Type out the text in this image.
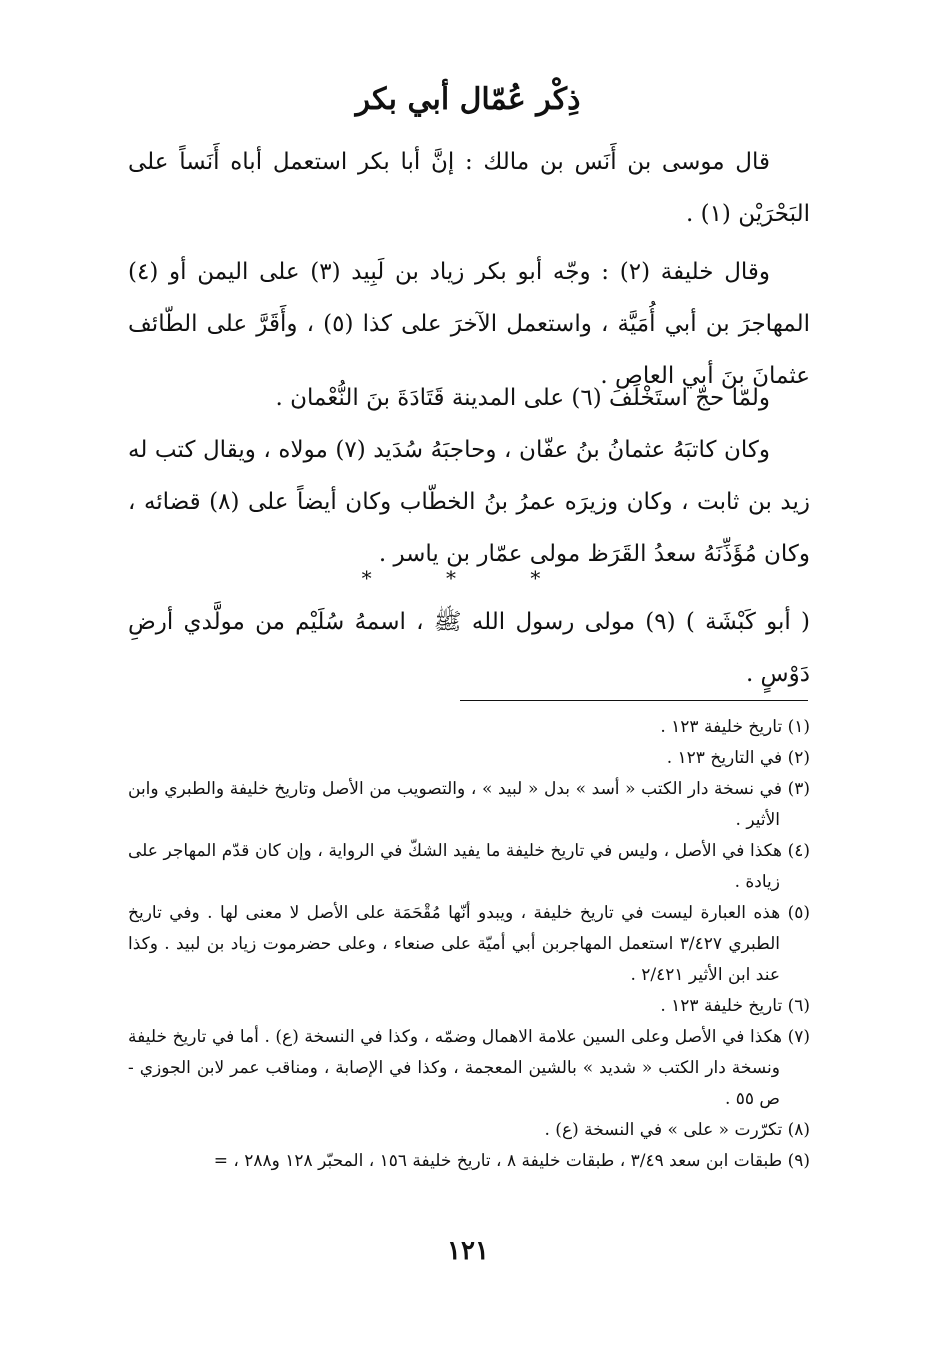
ذِكْر عُمّال أبي بكر

قال موسى بن أَنَس بن مالك : إنَّ أبا بكر استعمل أباه أَنَساً على البَحْرَيْن (١) .

وقال خليفة (٢) : وجّه أبو بكر زياد بن لَبِيد (٣) على اليمن أو (٤) المهاجرَ بن أبي أُمَيَّة ، واستعمل الآخرَ على كذا (٥) ، وأَقَرَّ على الطّائف عثمانَ بنَ أبي العاص .

ولمّا حجّ استَخْلَفَ (٦) على المدينة قَتَادَةَ بنَ النُّعْمان .

وكان كاتبَهُ عثمانُ بنُ عفّان ، وحاجبَهُ سُدَيد (٧) مولاه ، ويقال كتب له زيد بن ثابت ، وكان وزيرَه عمرُ بنُ الخطّاب وكان أيضاً على (٨) قضائه ، وكان مُؤَذِّنَهُ سعدُ القَرَظ مولى عمّار بن ياسر .

* * *

( أبو كَبْشَة ) (٩) مولى رسول الله ﷺ ، اسمهُ سُلَيْم من مولَّدي أرضِ دَوْسٍ .

(١) تاريخ خليفة ١٢٣ .

(٢) في التاريخ ١٢٣ .

(٣) في نسخة دار الكتب « أسد » بدل « لبيد » ، والتصويب من الأصل وتاريخ خليفة والطبري وابن الأثير .

(٤) هكذا في الأصل ، وليس في تاريخ خليفة ما يفيد الشكّ في الرواية ، وإن كان قدّم المهاجر على زيادة .

(٥) هذه العبارة ليست في تاريخ خليفة ، ويبدو أنّها مُقْحَمَة على الأصل لا معنى لها . وفي تاريخ الطبري ٣/٤٢٧ استعمل المهاجربن أبي أميّة على صنعاء ، وعلى حضرموت زياد بن لبيد . وكذا عند ابن الأثير ٢/٤٢١ .

(٦) تاريخ خليفة ١٢٣ .

(٧) هكذا في الأصل وعلى السين علامة الاهمال وضمّه ، وكذا في النسخة (ع) . أما في تاريخ خليفة ونسخة دار الكتب « شديد » بالشين المعجمة ، وكذا في الإصابة ، ومناقب عمر لابن الجوزي - ص ٥٥ .

(٨) تكرّرت « على » في النسخة (ع) .

(٩) طبقات ابن سعد ٣/٤٩ ، طبقات خليفة ٨ ، تاريخ خليفة ١٥٦ ، المحبّر ١٢٨ و٢٨٨ ، =

١٢١
